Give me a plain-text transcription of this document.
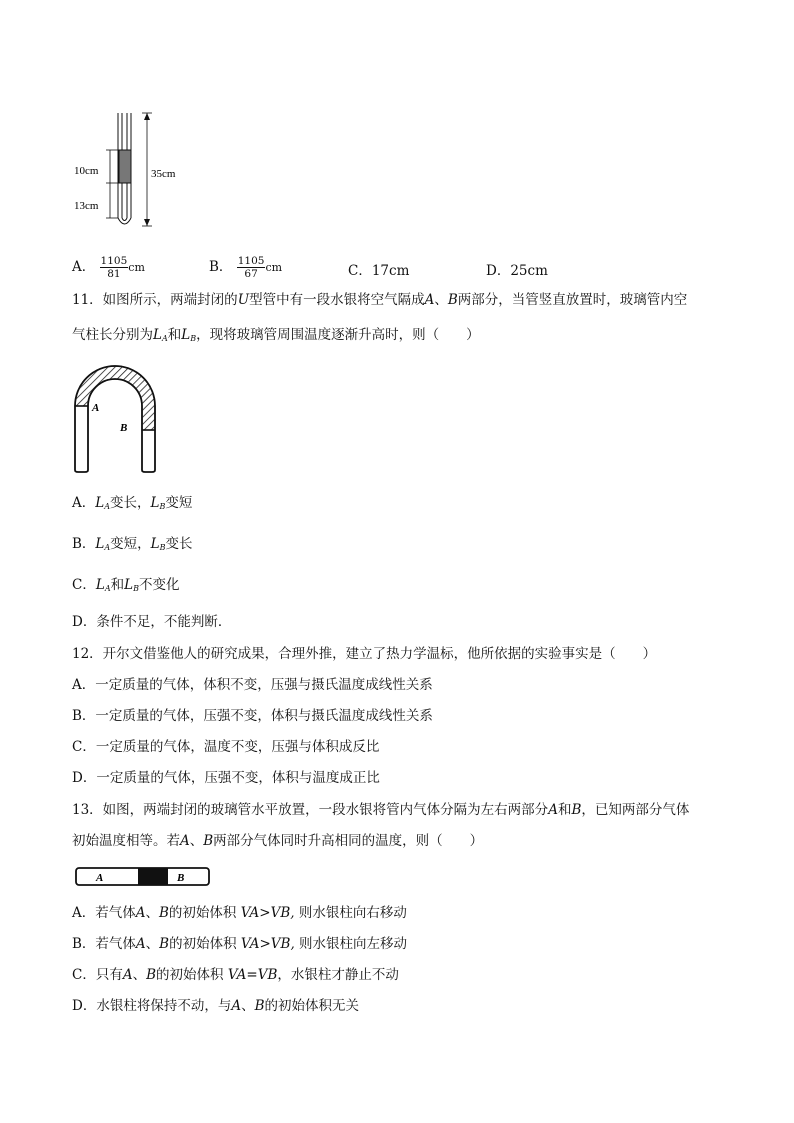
10cm
13cm
35cm
A． $\frac{1105}{81}$ cm	B． $\frac{1105}{67}$ cm	C．17cm	D．25cm
11．如图所示，两端封闭的U型管中有一段水银将空气隔成A、B两部分，当管竖直放置时，玻璃管内空
气柱长分别为$L_A$和$L_B$，现将玻璃管周围温度逐渐升高时，则（　　）
A
B
A．$L_A$变长，$L_B$变短
B．$L_A$变短，$L_B$变长
C．$L_A$和$L_B$不变化
D．条件不足，不能判断．
12．开尔文借鉴他人的研究成果，合理外推，建立了热力学温标，他所依据的实验事实是（　　）
A．一定质量的气体，体积不变，压强与摄氏温度成线性关系
B．一定质量的气体，压强不变，体积与摄氏温度成线性关系
C．一定质量的气体，温度不变，压强与体积成反比
D．一定质量的气体，压强不变，体积与温度成正比
13．如图，两端封闭的玻璃管水平放置，一段水银将管内气体分隔为左右两部分A和B，已知两部分气体
初始温度相等。若A、B两部分气体同时升高相同的温度，则（　　）
A	B
A．若气体A、B的初始体积 VA>VB, 则水银柱向右移动
B．若气体A、B的初始体积 VA>VB, 则水银柱向左移动
C．只有A、B的初始体积 VA=VB，水银柱才静止不动
D．水银柱将保持不动，与A、B的初始体积无关
